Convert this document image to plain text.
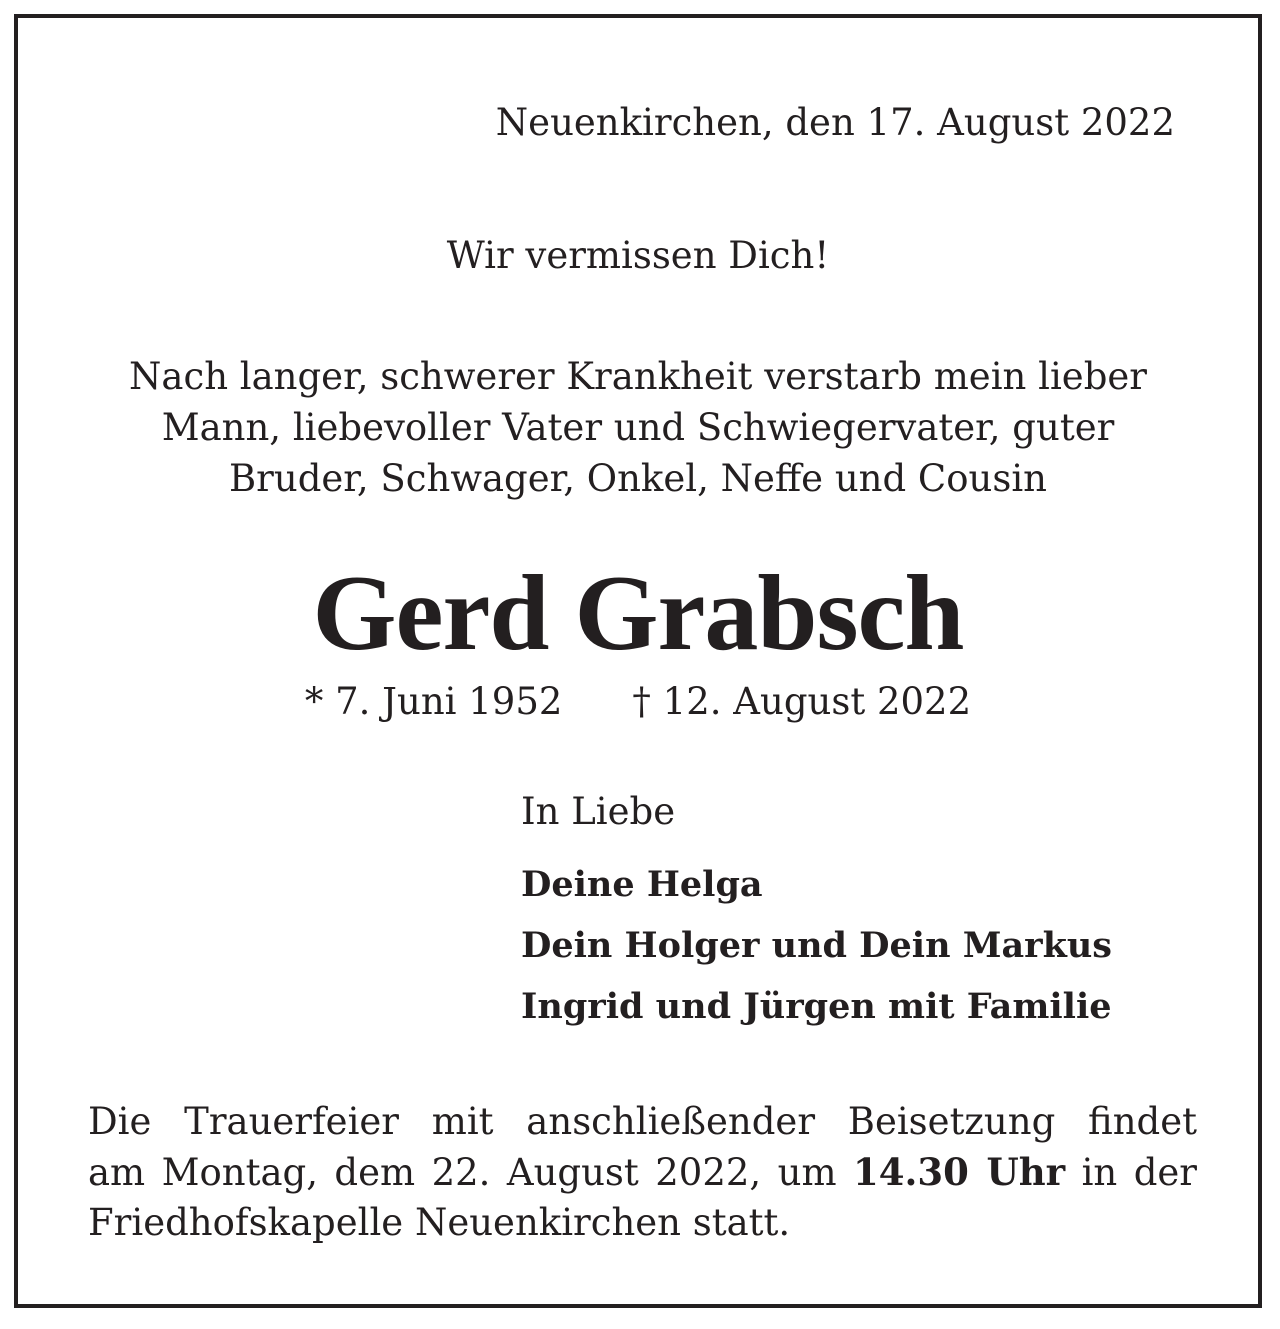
Neuenkirchen, den 17. August 2022
Wir vermissen Dich!
Nach langer, schwerer Krankheit verstarb mein lieber
Mann, liebevoller Vater und Schwiegervater, guter
Bruder, Schwager, Onkel, Neffe und Cousin
Gerd Grabsch
* 7. Juni 1952 † 12. August 2022
In Liebe
Deine Helga
Dein Holger und Dein Markus
Ingrid und Jürgen mit Familie
Die Trauerfeier mit anschließender Beisetzung findet
am Montag, dem 22. August 2022, um 14.30 Uhr in der
Friedhofskapelle Neuenkirchen statt.
